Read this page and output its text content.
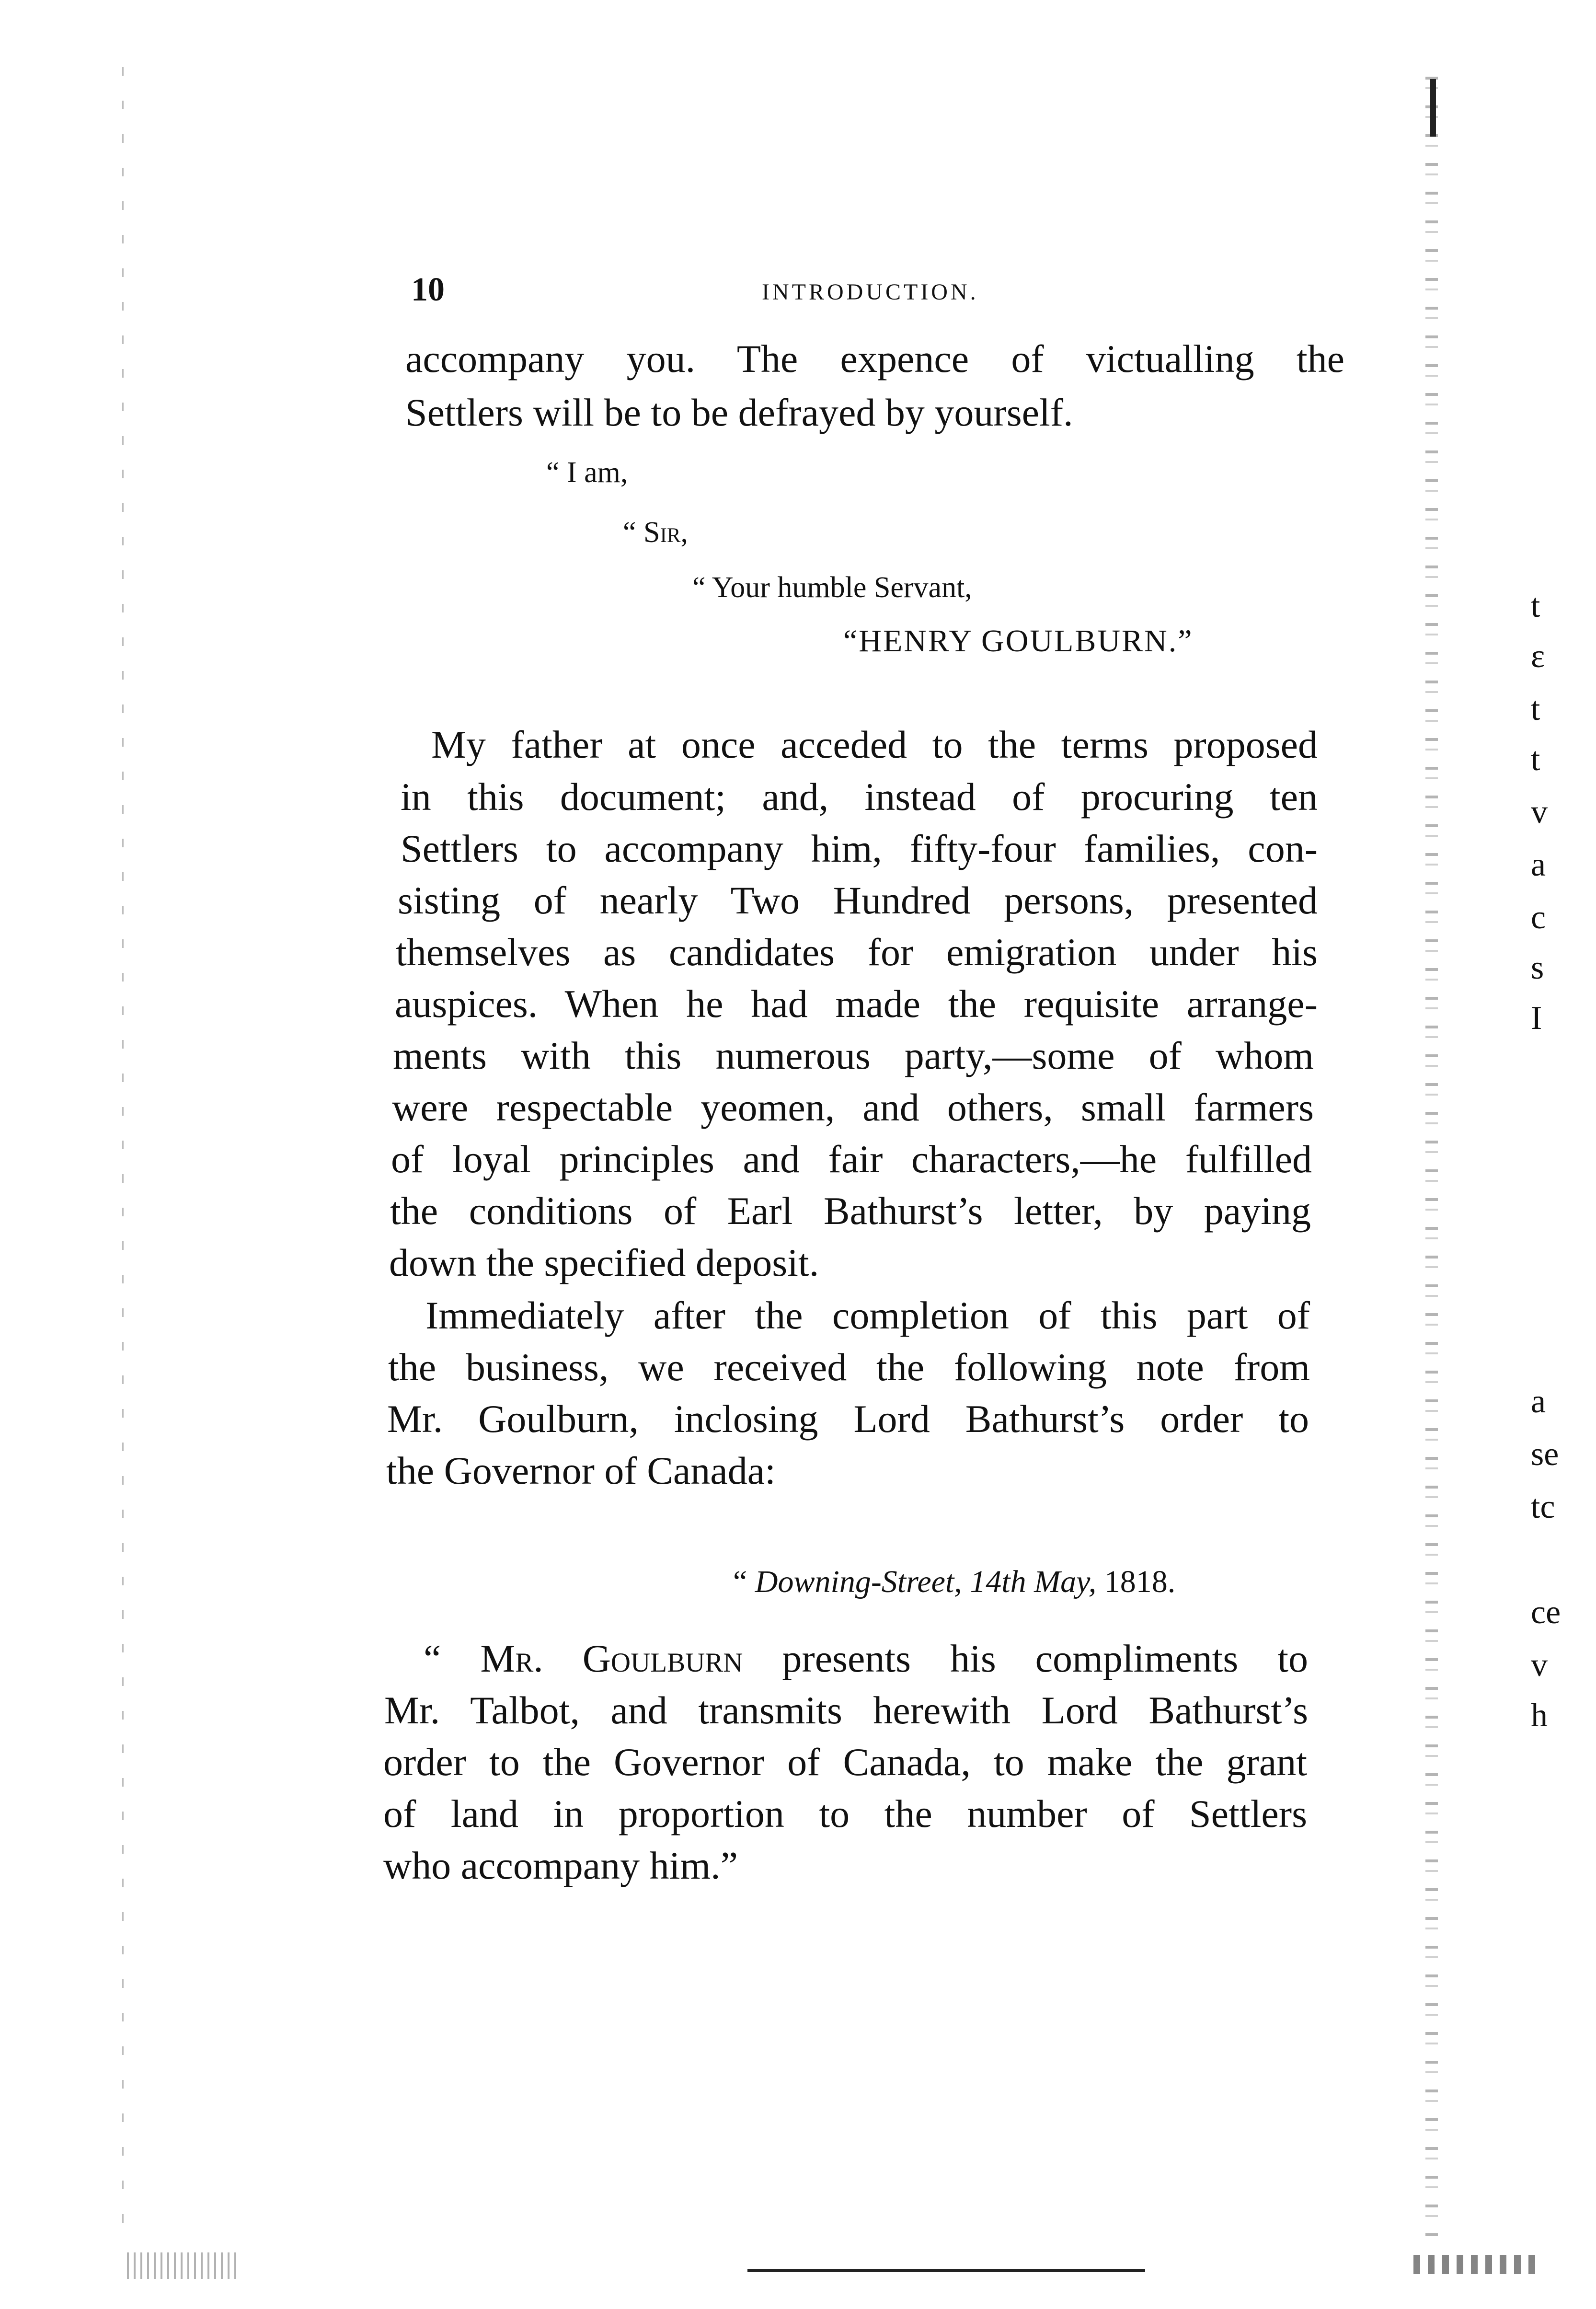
10	INTRODUCTION.
accompany you. The expence of victualling the
Settlers will be to be defrayed by yourself.
“ I am,
“ Sir,
“ Your humble Servant,
“HENRY GOULBURN.”
My father at once acceded to the terms proposed
in this document; and, instead of procuring ten
Settlers to accompany him, fifty-four families, con-
sisting of nearly Two Hundred persons, presented
themselves as candidates for emigration under his
auspices. When he had made the requisite arrange-
ments with this numerous party,—some of whom
were respectable yeomen, and others, small farmers
of loyal principles and fair characters,—he fulfilled
the conditions of Earl Bathurst’s letter, by paying
down the specified deposit.
Immediately after the completion of this part of
the business, we received the following note from
Mr. Goulburn, inclosing Lord Bathurst’s order to
the Governor of Canada:
“ Downing-Street, 14th May, 1818.
“ Mr. Goulburn presents his compliments to
Mr. Talbot, and transmits herewith Lord Bathurst’s
order to the Governor of Canada, to make the grant
of land in proportion to the number of Settlers
who accompany him.”
t
ε
t
t
v
a
c
s
I
a
se
tc
ce
v
h
